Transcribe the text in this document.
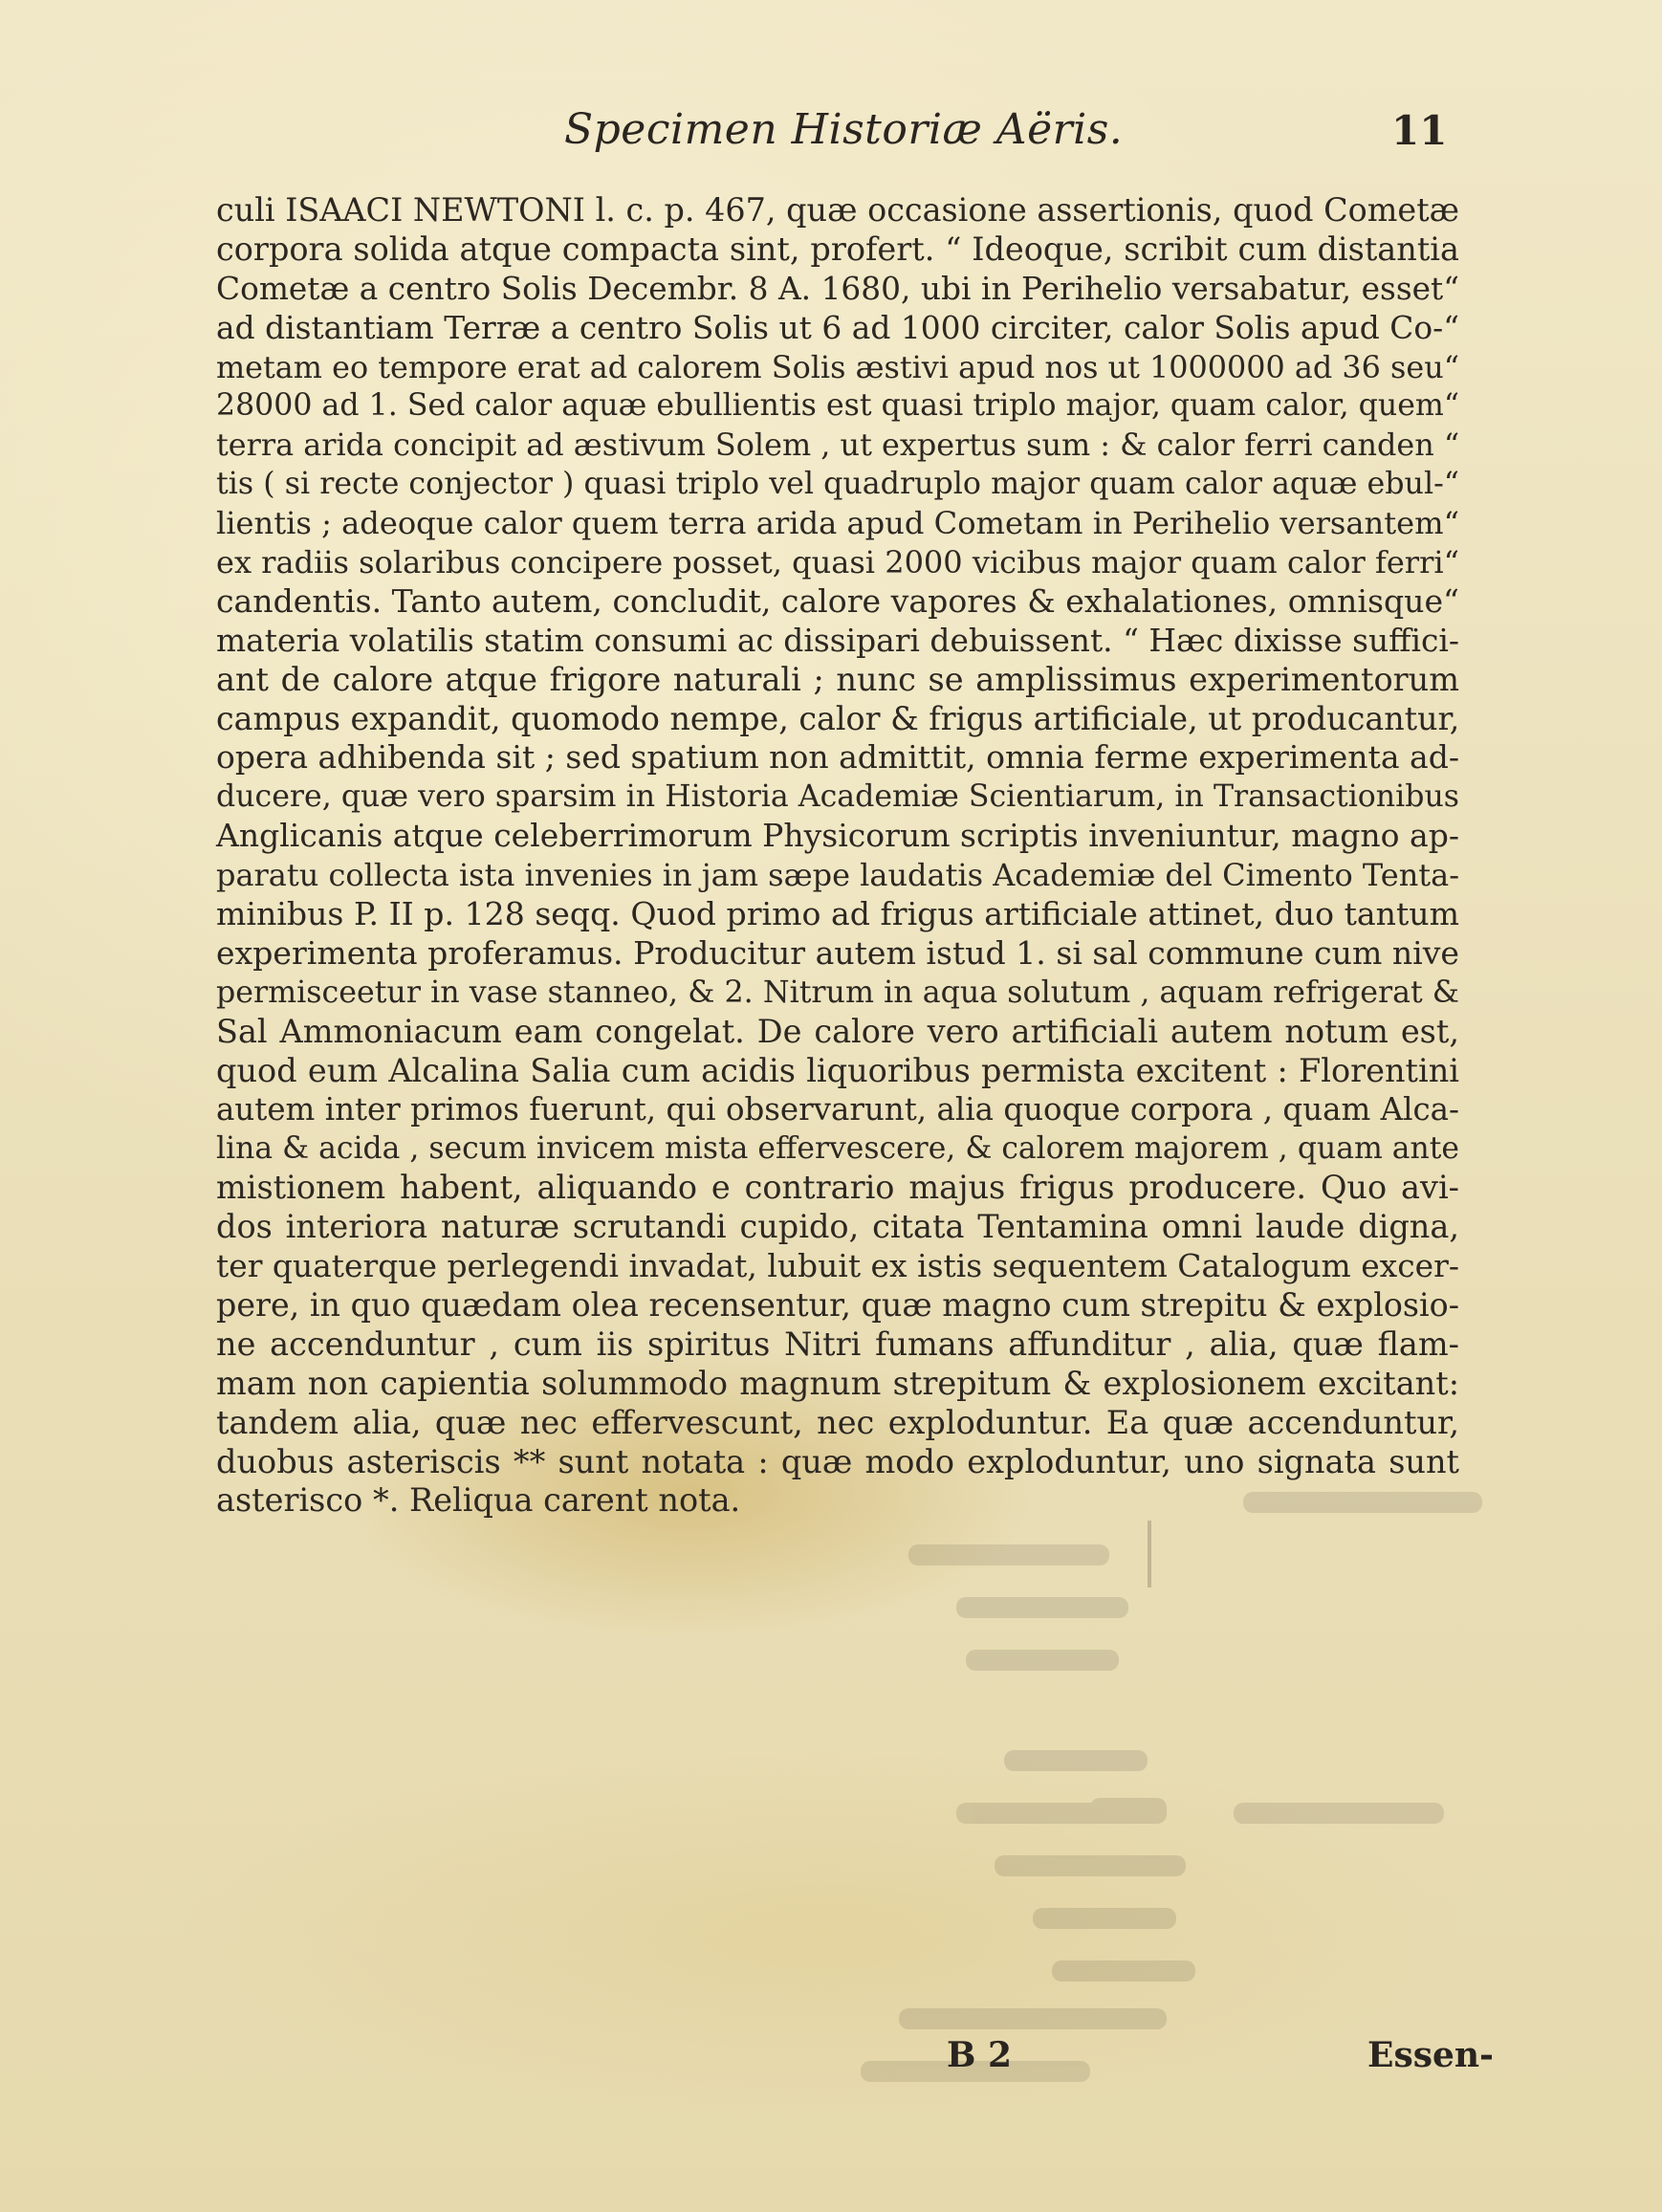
Specimen Historiæ Aëris.	11
culi ISAACI NEWTONI l. c. p. 467, quæ occasione assertionis, quod Cometæ
corpora solida atque compacta sint, profert. “ Ideoque, scribit cum distantia
Cometæ a centro Solis Decembr. 8 A. 1680, ubi in Perihelio versabatur, esset“
ad distantiam Terræ a centro Solis ut 6 ad 1000 circiter, calor Solis apud Co-“
metam eo tempore erat ad calorem Solis æstivi apud nos ut 1000000 ad 36 seu“
28000 ad 1. Sed calor aquæ ebullientis est quasi triplo major, quam calor, quem“
terra arida concipit ad æstivum Solem , ut expertus sum : & calor ferri canden “
tis ( si recte conjector ) quasi triplo vel quadruplo major quam calor aquæ ebul-“
lientis ; adeoque calor quem terra arida apud Cometam in Perihelio versantem“
ex radiis solaribus concipere posset, quasi 2000 vicibus major quam calor ferri“
candentis. Tanto autem, concludit, calore vapores & exhalationes, omnisque“
materia volatilis statim consumi ac dissipari debuissent. “ Hæc dixisse suffici-
ant de calore atque frigore naturali ; nunc se amplissimus experimentorum
campus expandit, quomodo nempe, calor & frigus artificiale, ut producantur,
opera adhibenda sit ; sed spatium non admittit, omnia ferme experimenta ad-
ducere, quæ vero sparsim in Historia Academiæ Scientiarum, in Transactionibus
Anglicanis atque celeberrimorum Physicorum scriptis inveniuntur, magno ap-
paratu collecta ista invenies in jam sæpe laudatis Academiæ del Cimento Tenta-
minibus P. II p. 128 seqq. Quod primo ad frigus artificiale attinet, duo tantum
experimenta proferamus. Producitur autem istud 1. si sal commune cum nive
permisceetur in vase stanneo, & 2. Nitrum in aqua solutum , aquam refrigerat &
Sal Ammoniacum eam congelat. De calore vero artificiali autem notum est,
quod eum Alcalina Salia cum acidis liquoribus permista excitent : Florentini
autem inter primos fuerunt, qui observarunt, alia quoque corpora , quam Alca-
lina & acida , secum invicem mista effervescere, & calorem majorem , quam ante
mistionem habent, aliquando e contrario majus frigus producere. Quo avi-
dos interiora naturæ scrutandi cupido, citata Tentamina omni laude digna,
ter quaterque perlegendi invadat, lubuit ex istis sequentem Catalogum excer-
pere, in quo quædam olea recensentur, quæ magno cum strepitu & explosio-
ne accenduntur , cum iis spiritus Nitri fumans affunditur , alia, quæ flam-
mam non capientia solummodo magnum strepitum & explosionem excitant:
tandem alia, quæ nec effervescunt, nec exploduntur. Ea quæ accenduntur,
duobus asteriscis ** sunt notata : quæ modo exploduntur, uno signata sunt
asterisco *. Reliqua carent nota.
B 2	Essen-
